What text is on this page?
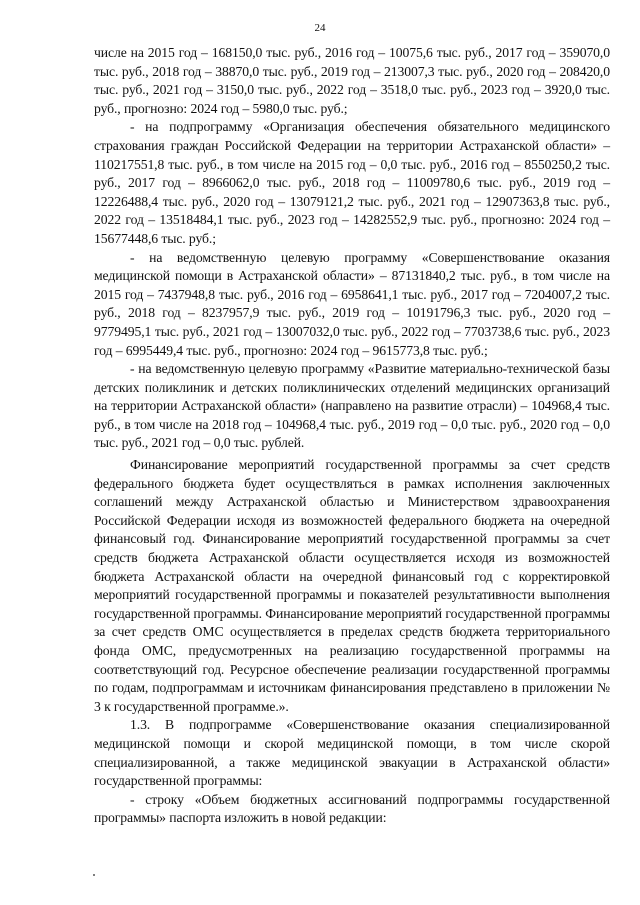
24

числе на 2015 год – 168150,0 тыс. руб., 2016 год – 10075,6 тыс. руб., 2017 год – 359070,0 тыс. руб., 2018 год – 38870,0 тыс. руб., 2019 год – 213007,3 тыс. руб., 2020 год – 208420,0 тыс. руб., 2021 год – 3150,0 тыс. руб., 2022 год – 3518,0 тыс. руб., 2023 год – 3920,0 тыс. руб., прогнозно: 2024 год – 5980,0 тыс. руб.;

- на подпрограмму «Организация обеспечения обязательного медицинского страхования граждан Российской Федерации на территории Астраханской области» – 110217551,8 тыс. руб., в том числе на 2015 год – 0,0 тыс. руб., 2016 год – 8550250,2 тыс. руб., 2017 год – 8966062,0 тыс. руб., 2018 год – 11009780,6 тыс. руб., 2019 год – 12226488,4 тыс. руб., 2020 год – 13079121,2 тыс. руб., 2021 год – 12907363,8 тыс. руб., 2022 год – 13518484,1 тыс. руб., 2023 год – 14282552,9 тыс. руб., прогнозно: 2024 год – 15677448,6 тыс. руб.;

- на ведомственную целевую программу «Совершенствование оказания медицинской помощи в Астраханской области» – 87131840,2 тыс. руб., в том числе на 2015 год – 7437948,8 тыс. руб., 2016 год – 6958641,1 тыс. руб., 2017 год – 7204007,2 тыс. руб., 2018 год – 8237957,9 тыс. руб., 2019 год – 10191796,3 тыс. руб., 2020 год – 9779495,1 тыс. руб., 2021 год – 13007032,0 тыс. руб., 2022 год – 7703738,6 тыс. руб., 2023 год – 6995449,4 тыс. руб., прогнозно: 2024 год – 9615773,8 тыс. руб.;

- на ведомственную целевую программу «Развитие материально-технической базы детских поликлиник и детских поликлинических отделений медицинских организаций на территории Астраханской области» (направлено на развитие отрасли) – 104968,4 тыс. руб., в том числе на 2018 год – 104968,4 тыс. руб., 2019 год – 0,0 тыс. руб., 2020 год – 0,0 тыс. руб., 2021 год – 0,0 тыс. рублей.

Финансирование мероприятий государственной программы за счет средств федерального бюджета будет осуществляться в рамках исполнения заключенных соглашений между Астраханской областью и Министерством здравоохранения Российской Федерации исходя из возможностей федерального бюджета на очередной финансовый год. Финансирование мероприятий государственной программы за счет средств бюджета Астраханской области осуществляется исходя из возможностей бюджета Астраханской области на очередной финансовый год с корректировкой мероприятий государственной программы и показателей результативности выполнения государственной программы. Финансирование мероприятий государственной программы за счет средств ОМС осуществляется в пределах средств бюджета территориального фонда ОМС, предусмотренных на реализацию государственной программы на соответствующий год. Ресурсное обеспечение реализации государственной программы по годам, подпрограммам и источникам финансирования представлено в приложении № 3 к государственной программе.».

1.3. В подпрограмме «Совершенствование оказания специализированной медицинской помощи и скорой медицинской помощи, в том числе скорой специализированной, а также медицинской эвакуации в Астраханской области» государственной программы:

- строку «Объем бюджетных ассигнований подпрограммы государственной программы» паспорта изложить в новой редакции:
